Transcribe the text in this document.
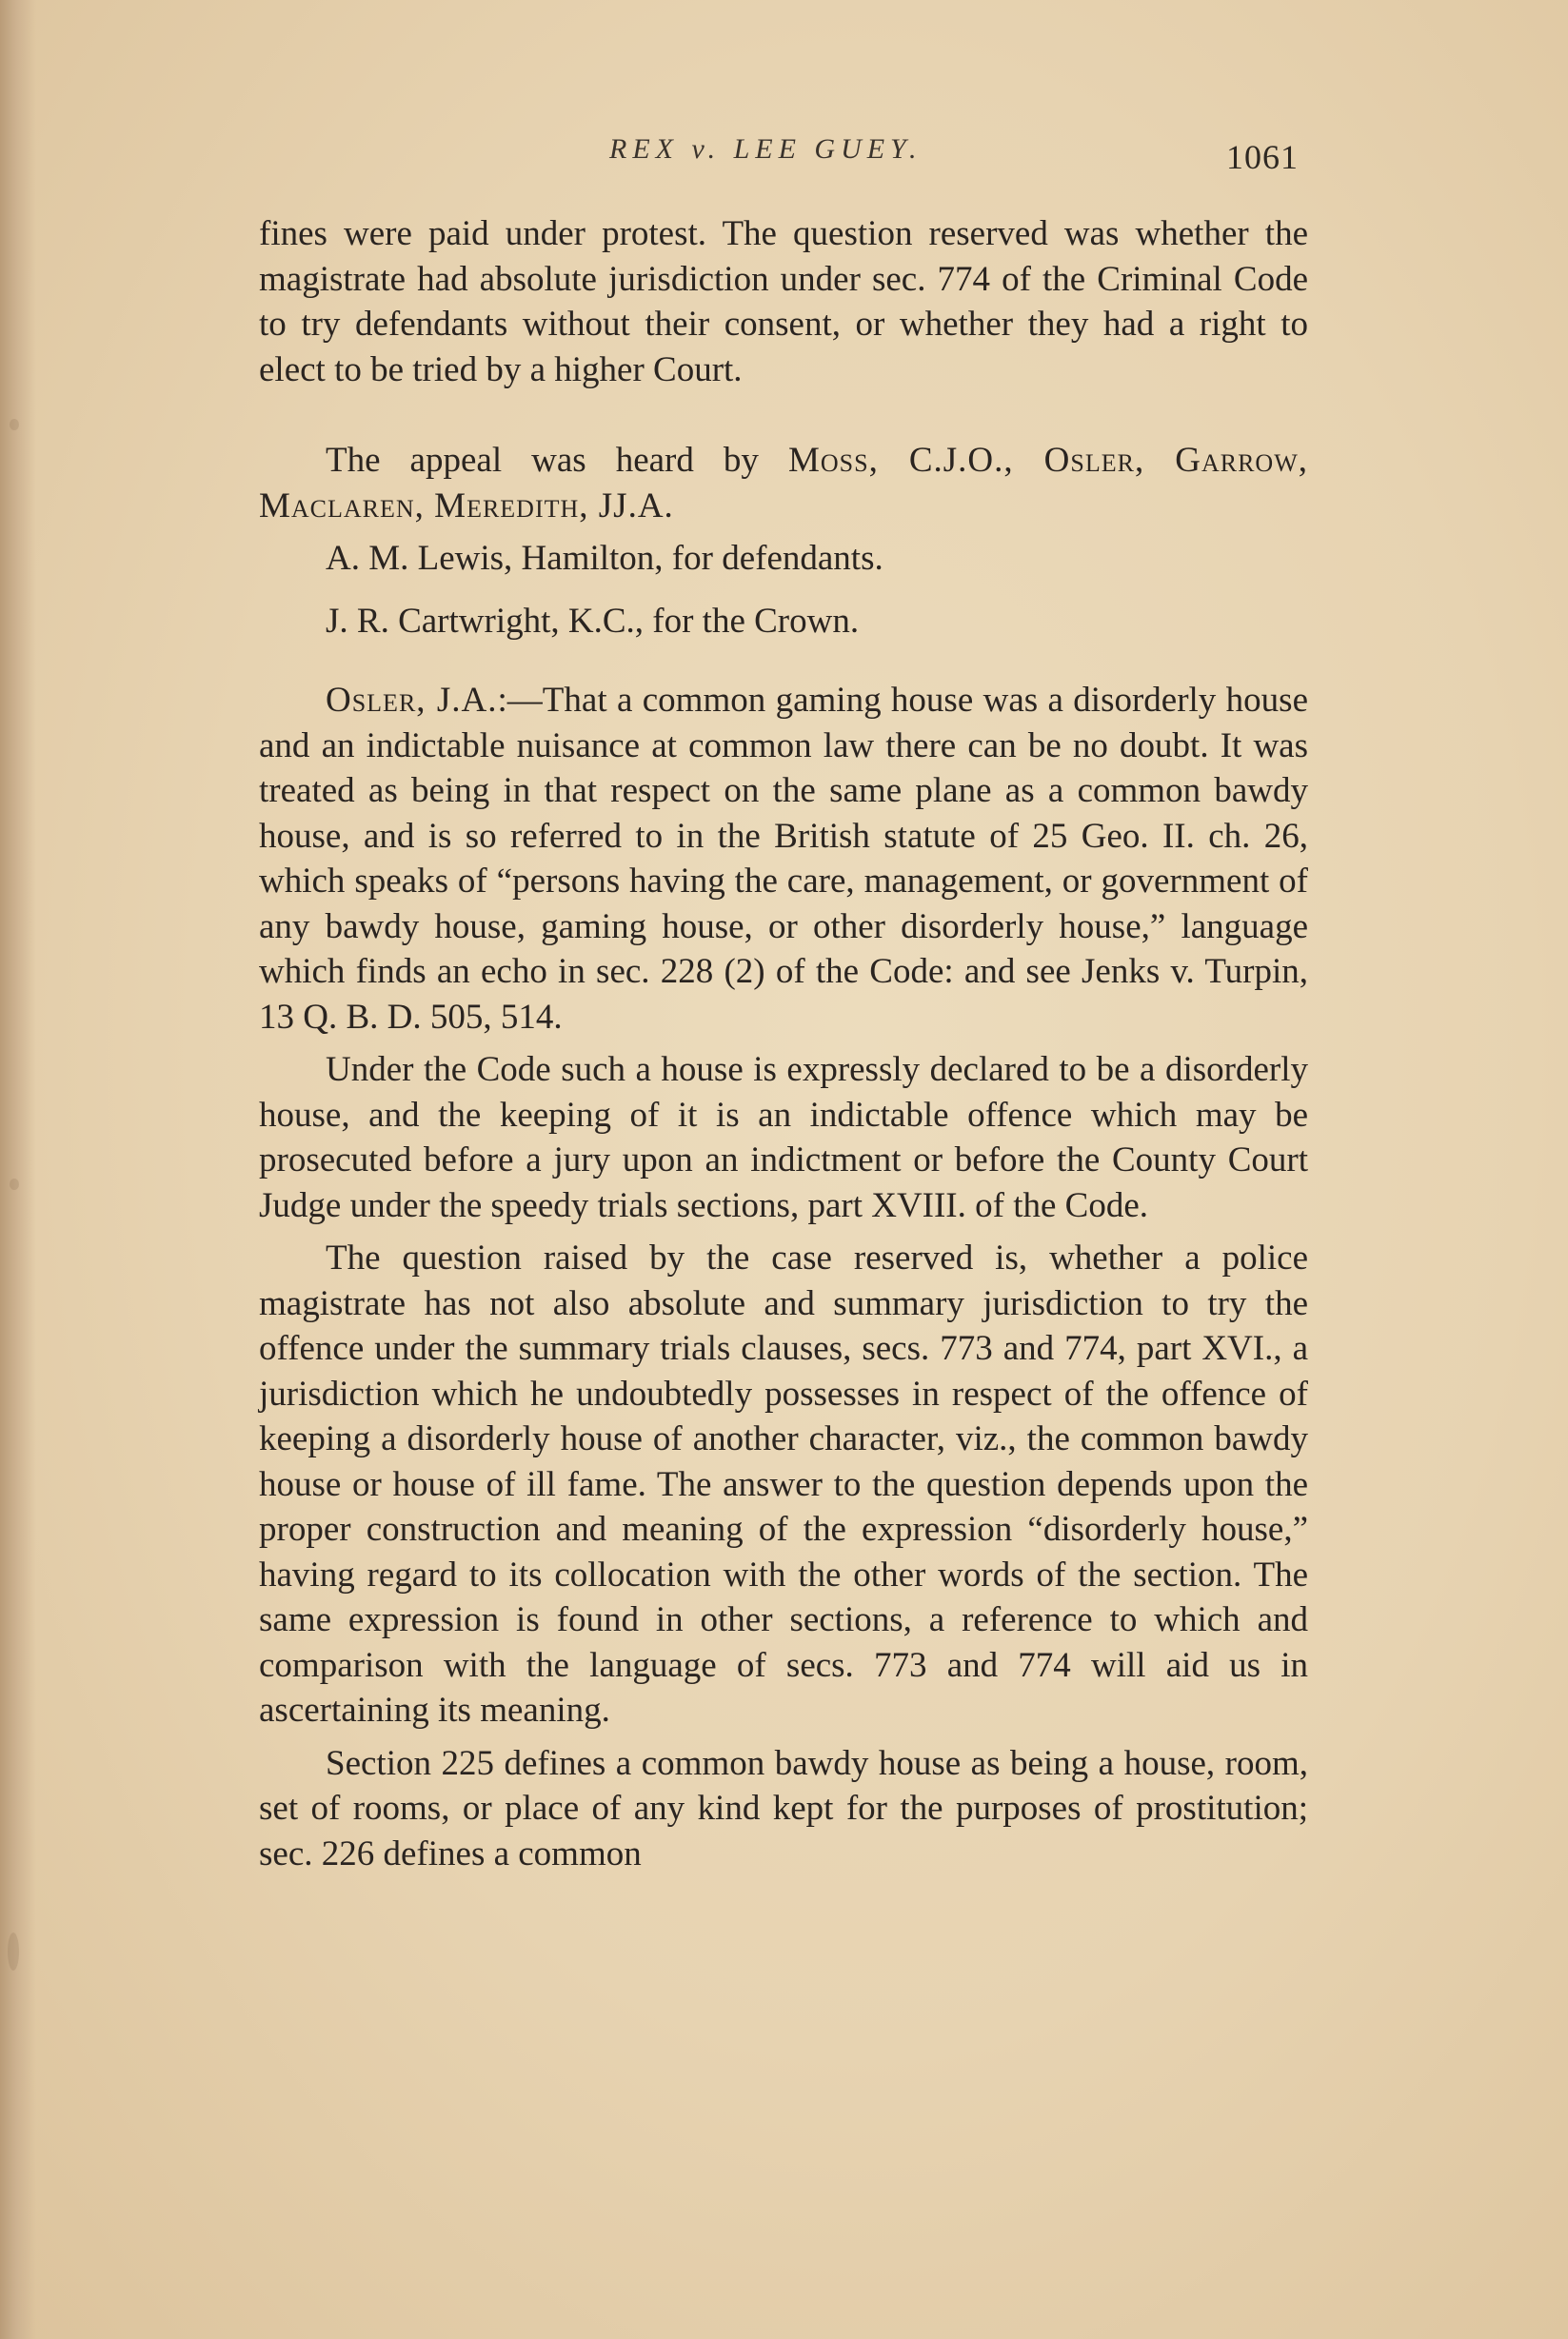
REX v. LEE GUEY.	1061

fines were paid under protest. The question reserved was whether the magistrate had absolute jurisdiction under sec. 774 of the Criminal Code to try defendants without their consent, or whether they had a right to elect to be tried by a higher Court.

The appeal was heard by Moss, C.J.O., Osler, Garrow, Maclaren, Meredith, JJ.A.

A. M. Lewis, Hamilton, for defendants.

J. R. Cartwright, K.C., for the Crown.

Osler, J.A.:—That a common gaming house was a disorderly house and an indictable nuisance at common law there can be no doubt. It was treated as being in that respect on the same plane as a common bawdy house, and is so referred to in the British statute of 25 Geo. II. ch. 26, which speaks of “persons having the care, management, or government of any bawdy house, gaming house, or other disorderly house,” language which finds an echo in sec. 228 (2) of the Code: and see Jenks v. Turpin, 13 Q. B. D. 505, 514.

Under the Code such a house is expressly declared to be a disorderly house, and the keeping of it is an indictable offence which may be prosecuted before a jury upon an indictment or before the County Court Judge under the speedy trials sections, part XVIII. of the Code.

The question raised by the case reserved is, whether a police magistrate has not also absolute and summary jurisdiction to try the offence under the summary trials clauses, secs. 773 and 774, part XVI., a jurisdiction which he undoubtedly possesses in respect of the offence of keeping a disorderly house of another character, viz., the common bawdy house or house of ill fame. The answer to the question depends upon the proper construction and meaning of the expression “disorderly house,” having regard to its collocation with the other words of the section. The same expression is found in other sections, a reference to which and comparison with the language of secs. 773 and 774 will aid us in ascertaining its meaning.

Section 225 defines a common bawdy house as being a house, room, set of rooms, or place of any kind kept for the purposes of prostitution; sec. 226 defines a common
